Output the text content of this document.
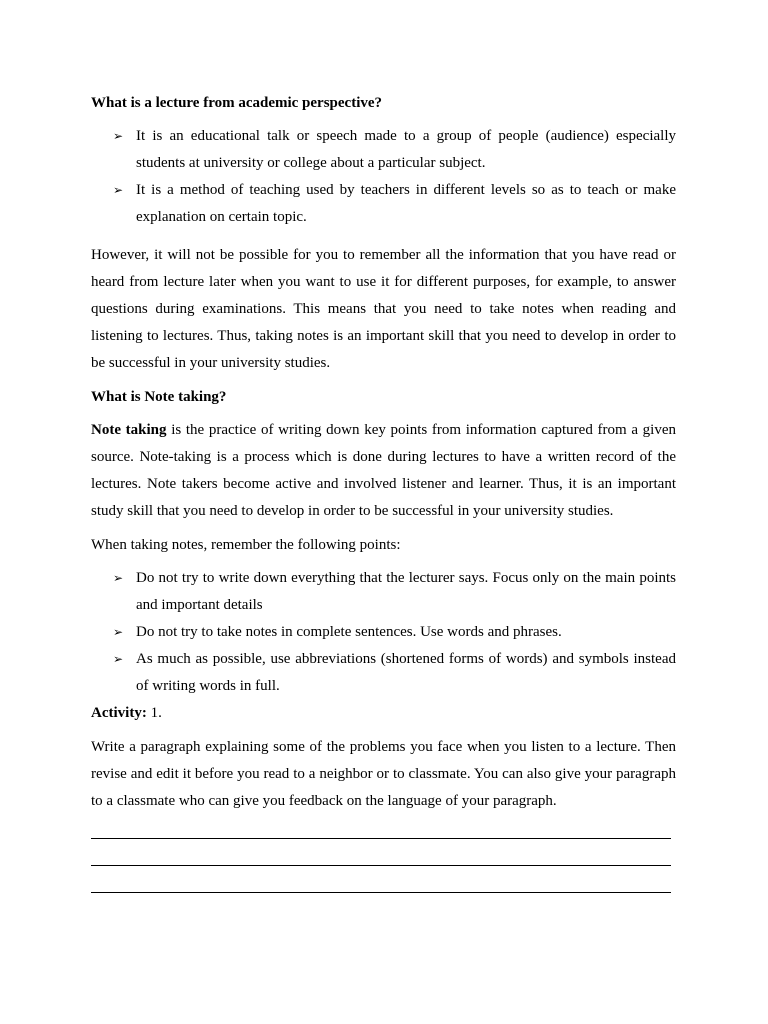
What is a lecture from academic perspective?

➢ It is an educational talk or speech made to a group of people (audience) especially students at university or college about a particular subject.
➢ It is a method of teaching used by teachers in different levels so as to teach or make explanation on certain topic.

However, it will not be possible for you to remember all the information that you have read or heard from lecture later when you want to use it for different purposes, for example, to answer questions during examinations. This means that you need to take notes when reading and listening to lectures. Thus, taking notes is an important skill that you need to develop in order to be successful in your university studies.

What is Note taking?

Note taking is the practice of writing down key points from information captured from a given source. Note-taking is a process which is done during lectures to have a written record of the lectures. Note takers become active and involved listener and learner. Thus, it is an important study skill that you need to develop in order to be successful in your university studies.

When taking notes, remember the following points:

➢ Do not try to write down everything that the lecturer says. Focus only on the main points and important details
➢ Do not try to take notes in complete sentences. Use words and phrases.
➢ As much as possible, use abbreviations (shortened forms of words) and symbols instead of writing words in full.

Activity: 1.

Write a paragraph explaining some of the problems you face when you listen to a lecture. Then revise and edit it before you read to a neighbor or to classmate. You can also give your paragraph to a classmate who can give you feedback on the language of your paragraph.
